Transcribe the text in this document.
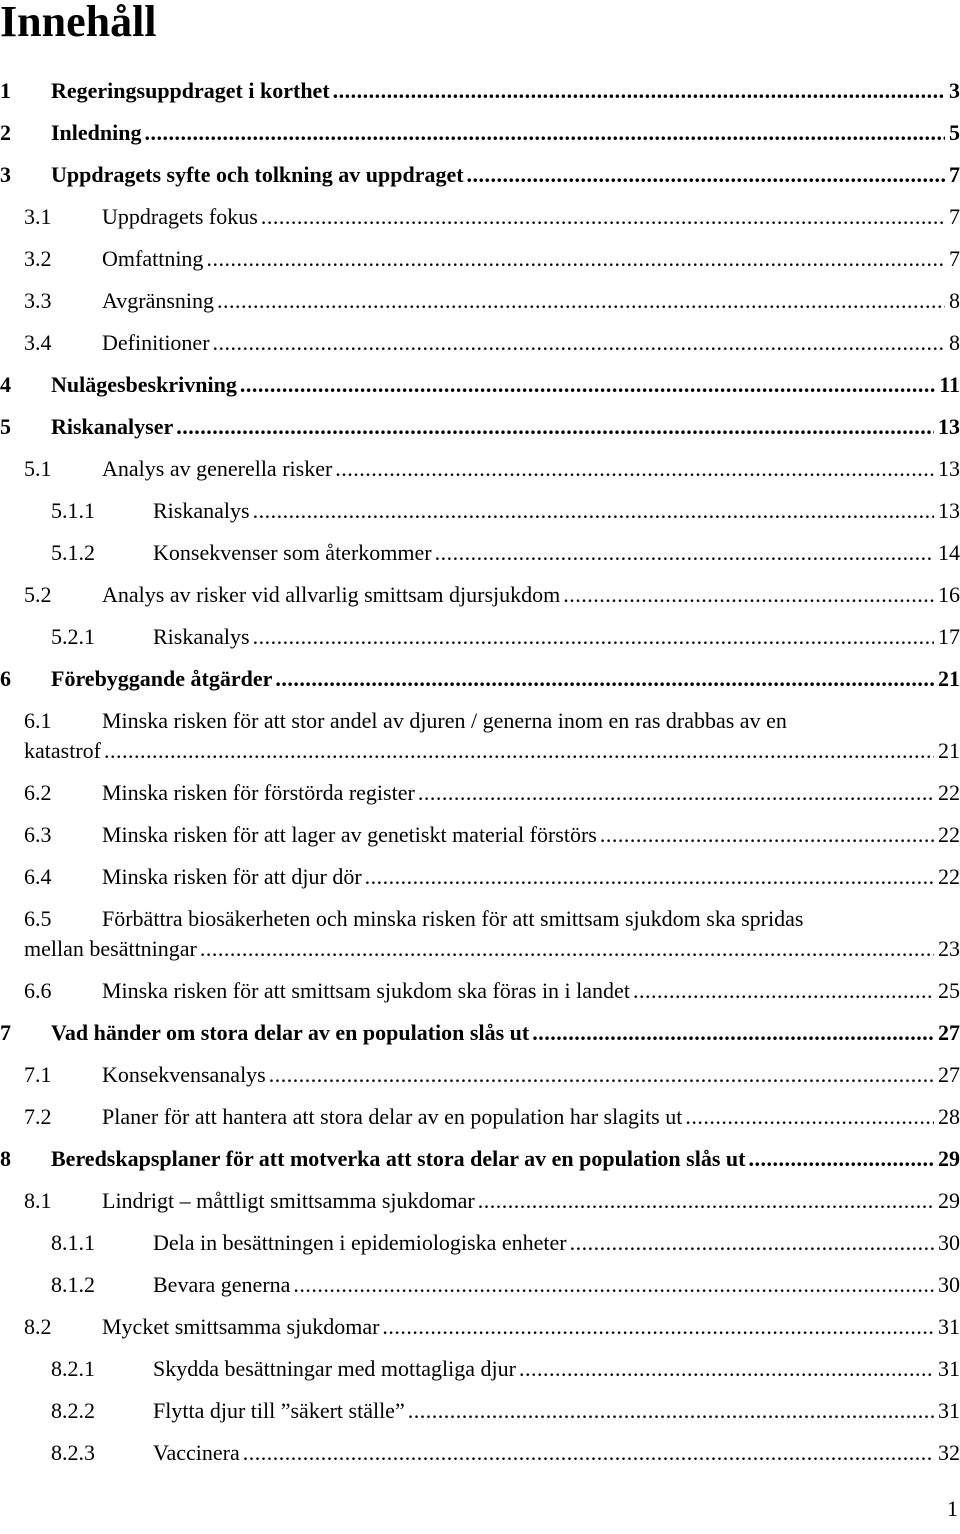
Innehåll
1 Regeringsuppdraget i korthet .....	3
2 Inledning .....	5
3 Uppdragets syfte och tolkning av uppdraget .....	7
3.1 Uppdragets fokus .....	7
3.2 Omfattning .....	7
3.3 Avgränsning .....	8
3.4 Definitioner .....	8
4 Nulägesbeskrivning .....	11
5 Riskanalyser .....	13
5.1 Analys av generella risker .....	13
5.1.1	Riskanalys .....	13
5.1.2	Konsekvenser som återkommer .....	14
5.2 Analys av risker vid allvarlig smittsam djursjukdom .....	16
5.2.1	Riskanalys .....	17
6 Förebyggande åtgärder .....	21
6.1 Minska risken för att stor andel av djuren / generna inom en ras drabbas av en
katastrof .....	21
6.2 Minska risken för förstörda register .....	22
6.3 Minska risken för att lager av genetiskt material förstörs .....	22
6.4 Minska risken för att djur dör .....	22
6.5 Förbättra biosäkerheten och minska risken för att smittsam sjukdom ska spridas
mellan besättningar .....	23
6.6 Minska risken för att smittsam sjukdom ska föras in i landet .....	25
7 Vad händer om stora delar av en population slås ut .....	27
7.1 Konsekvensanalys .....	27
7.2 Planer för att hantera att stora delar av en population har slagits ut .....	28
8 Beredskapsplaner för att motverka att stora delar av en population slås ut .....	29
8.1 Lindrigt – måttligt smittsamma sjukdomar .....	29
8.1.1	Dela in besättningen i epidemiologiska enheter .....	30
8.1.2	Bevara generna .....	30
8.2 Mycket smittsamma sjukdomar .....	31
8.2.1	Skydda besättningar med mottagliga djur .....	31
8.2.2	Flytta djur till ”säkert ställe” .....	31
8.2.3	Vaccinera .....	32
1
